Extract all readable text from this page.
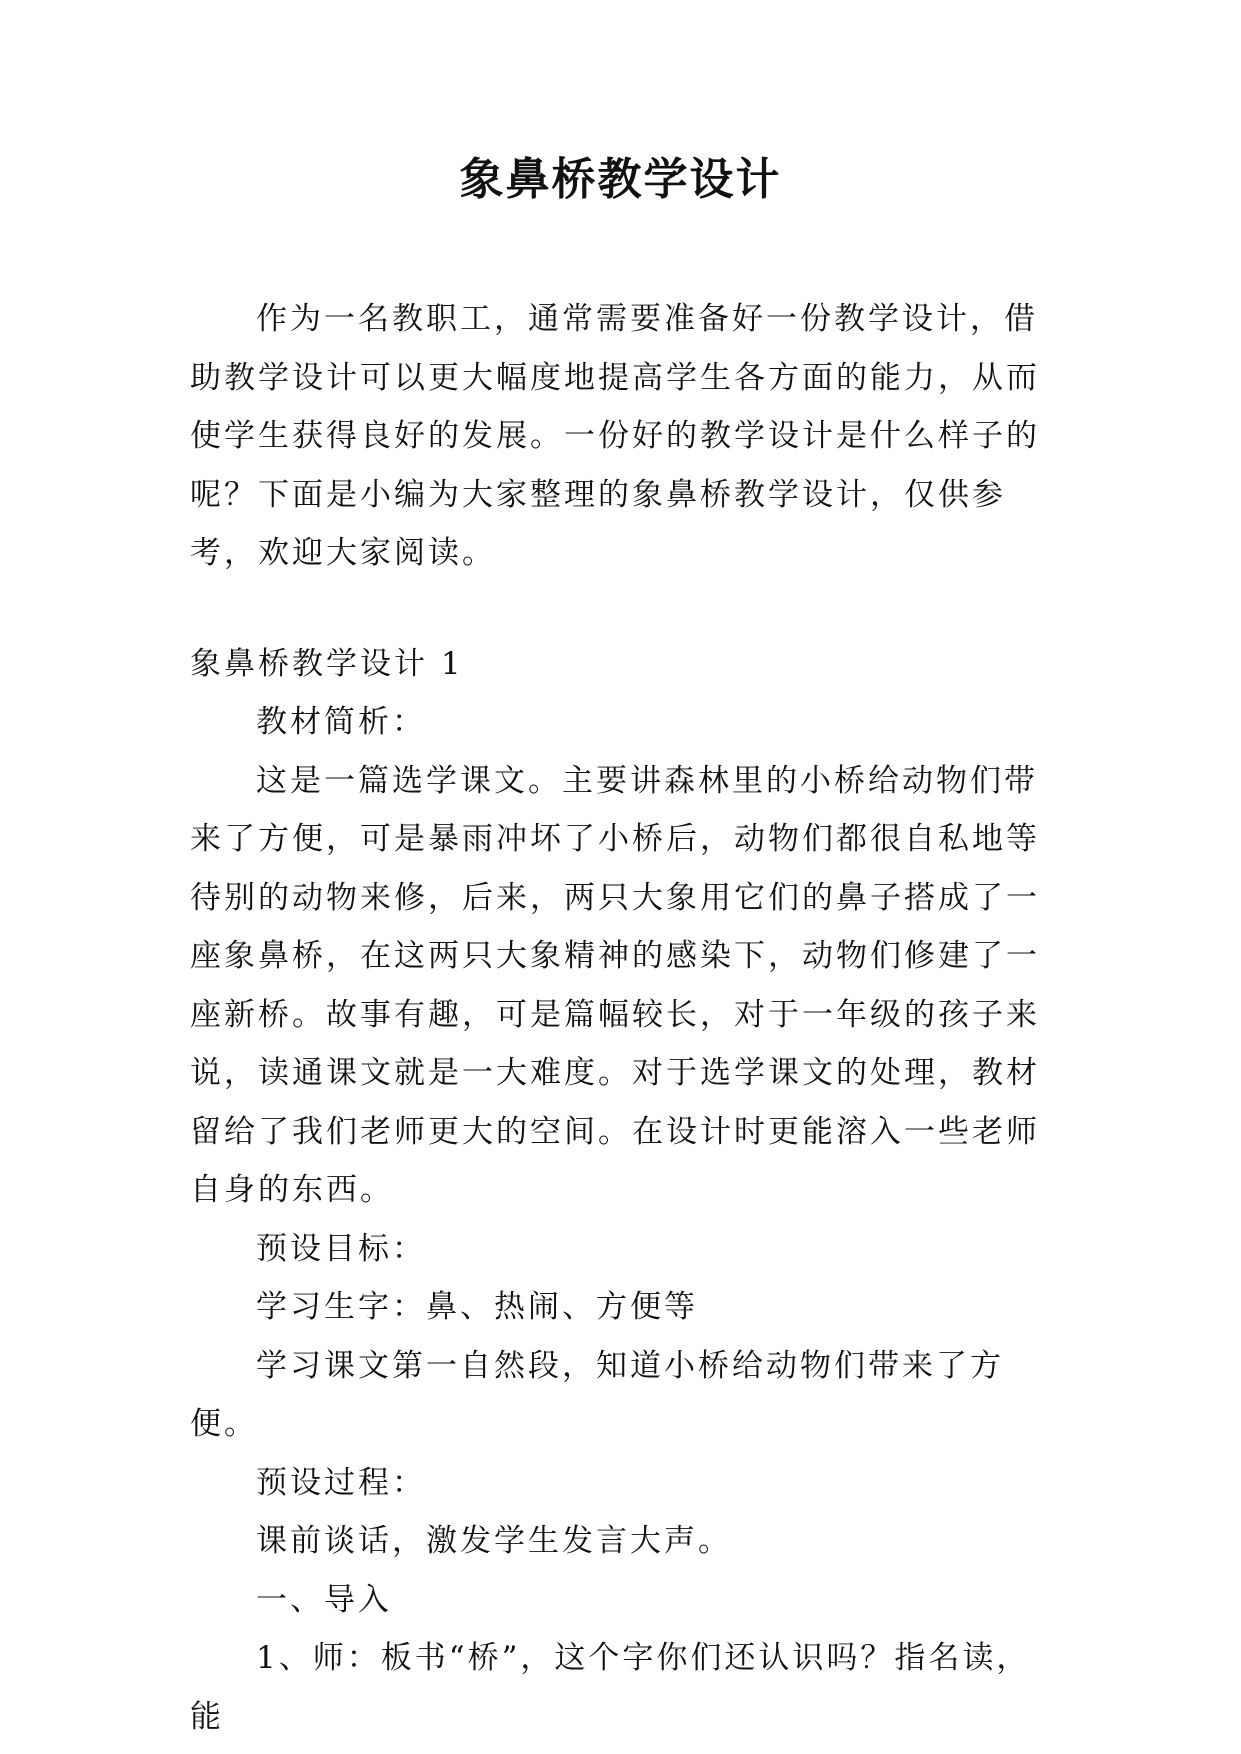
象鼻桥教学设计

作为一名教职工，通常需要准备好一份教学设计，借助教学设计可以更大幅度地提高学生各方面的能力，从而使学生获得良好的发展。一份好的教学设计是什么样子的呢？下面是小编为大家整理的象鼻桥教学设计，仅供参考，欢迎大家阅读。

象鼻桥教学设计 1

教材简析：

这是一篇选学课文。主要讲森林里的小桥给动物们带来了方便，可是暴雨冲坏了小桥后，动物们都很自私地等待别的动物来修，后来，两只大象用它们的鼻子搭成了一座象鼻桥，在这两只大象精神的感染下，动物们修建了一座新桥。故事有趣，可是篇幅较长，对于一年级的孩子来说，读通课文就是一大难度。对于选学课文的处理，教材留给了我们老师更大的空间。在设计时更能溶入一些老师自身的东西。

预设目标：

学习生字：鼻、热闹、方便等

学习课文第一自然段，知道小桥给动物们带来了方便。

预设过程：

课前谈话，激发学生发言大声。

一、导入

1、师：板书“桥”，这个字你们还认识吗？指名读，能
